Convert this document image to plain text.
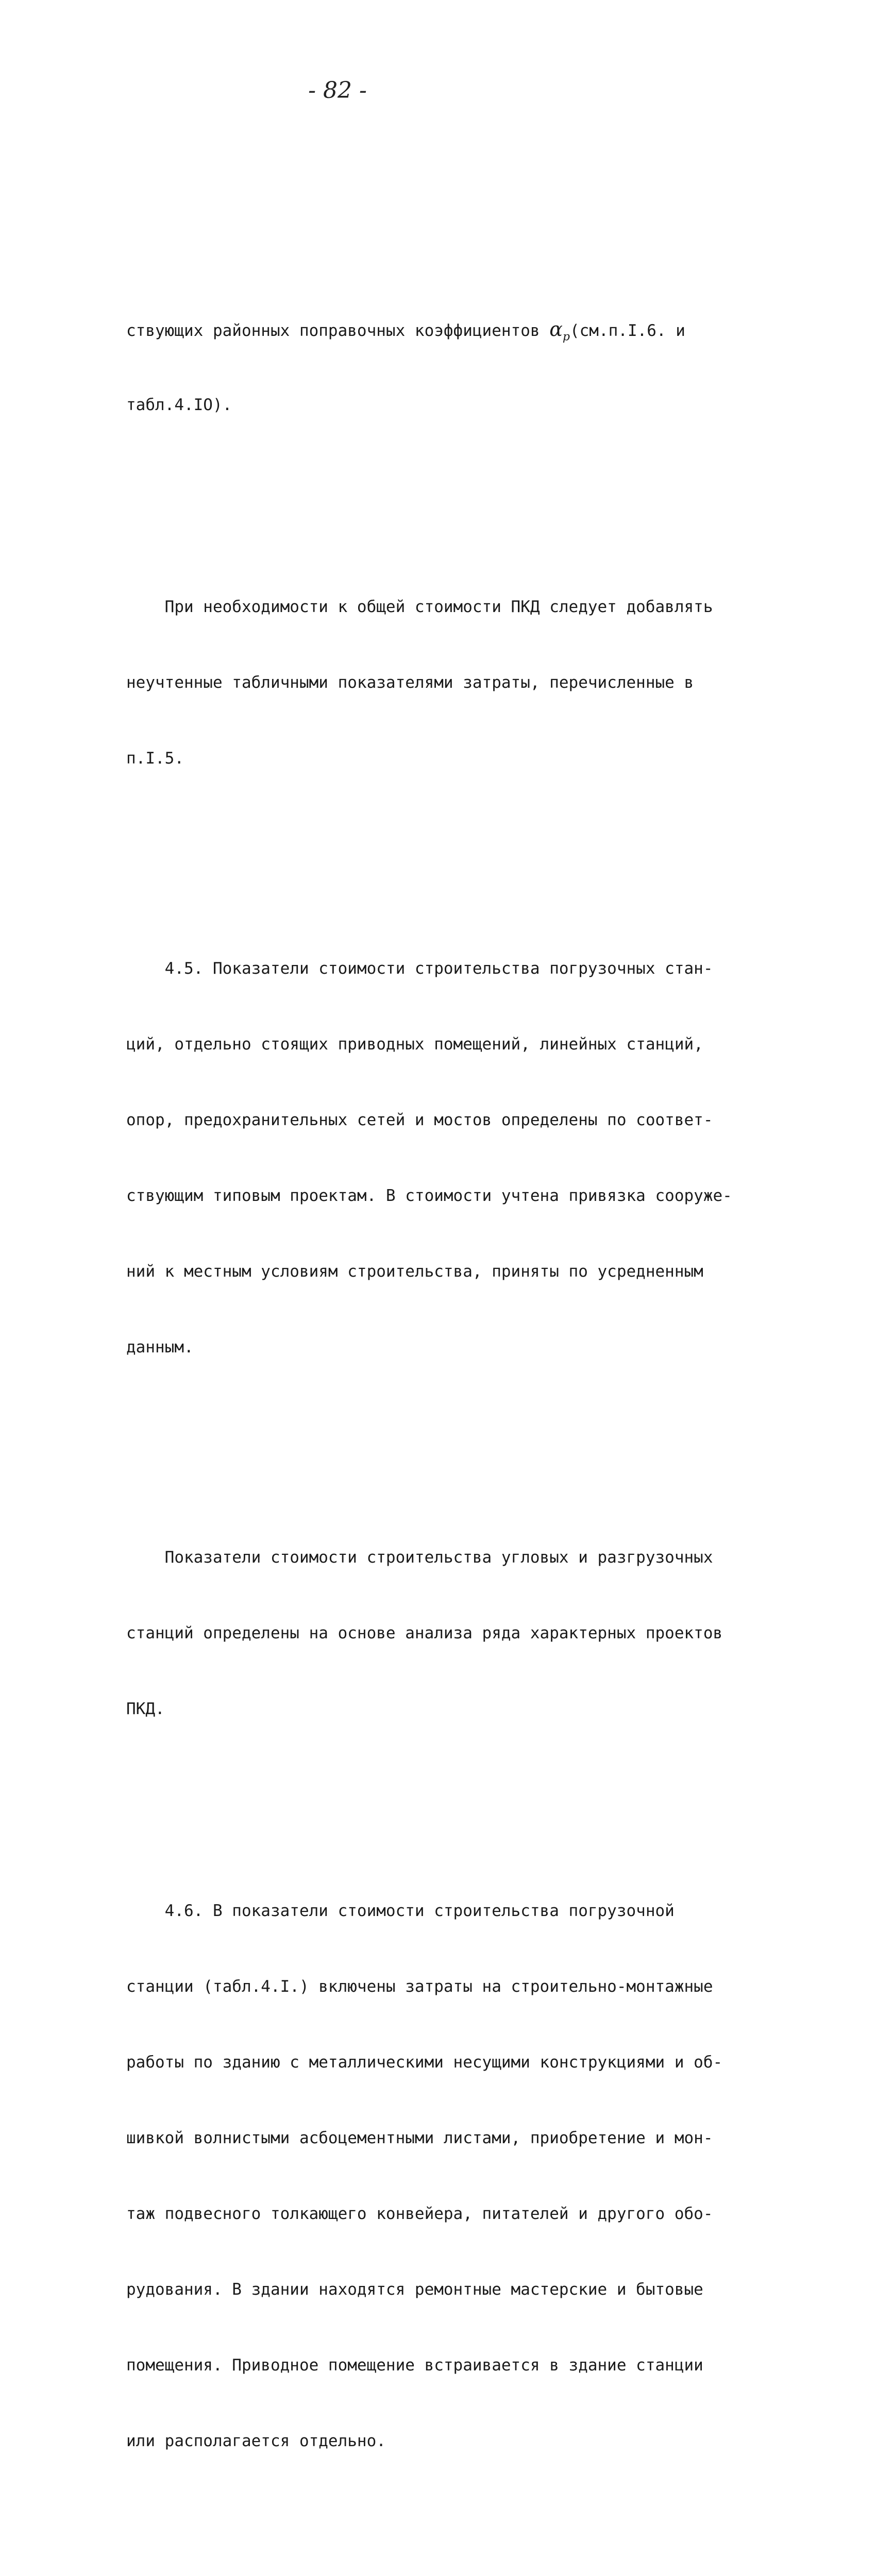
- 82 -

ствующих районных поправочных коэффициентов $\alpha_р(см.п.I.6$. и

табл.4.IO).

При необходимости к общей стоимости ПКД следует добавлять

неучтенные табличными показателями затраты, перечисленные в

п.I.5.

4.5. Показатели стоимости строительства погрузочных стан-

ций, отдельно стоящих приводных помещений, линейных станций,

опор, предохранительных сетей и мостов определены по соответ-

ствующим типовым проектам. В стоимости учтена привязка сооруже-

ний к местным условиям строительства, приняты по усредненным

данным.

Показатели стоимости строительства угловых и разгрузочных

станций определены на основе анализа ряда характерных проектов

ПКД.

4.6. В показатели стоимости строительства погрузочной

станции (табл.4.I.) включены затраты на строительно-монтажные

работы по зданию с металлическими несущими конструкциями и об-

шивкой волнистыми асбоцементными листами, приобретение и мон-

таж подвесного толкающего конвейера, питателей и другого обо-

рудования. В здании находятся ремонтные мастерские и бытовые

помещения. Приводное помещение встраивается в здание станции

или располагается отдельно.
